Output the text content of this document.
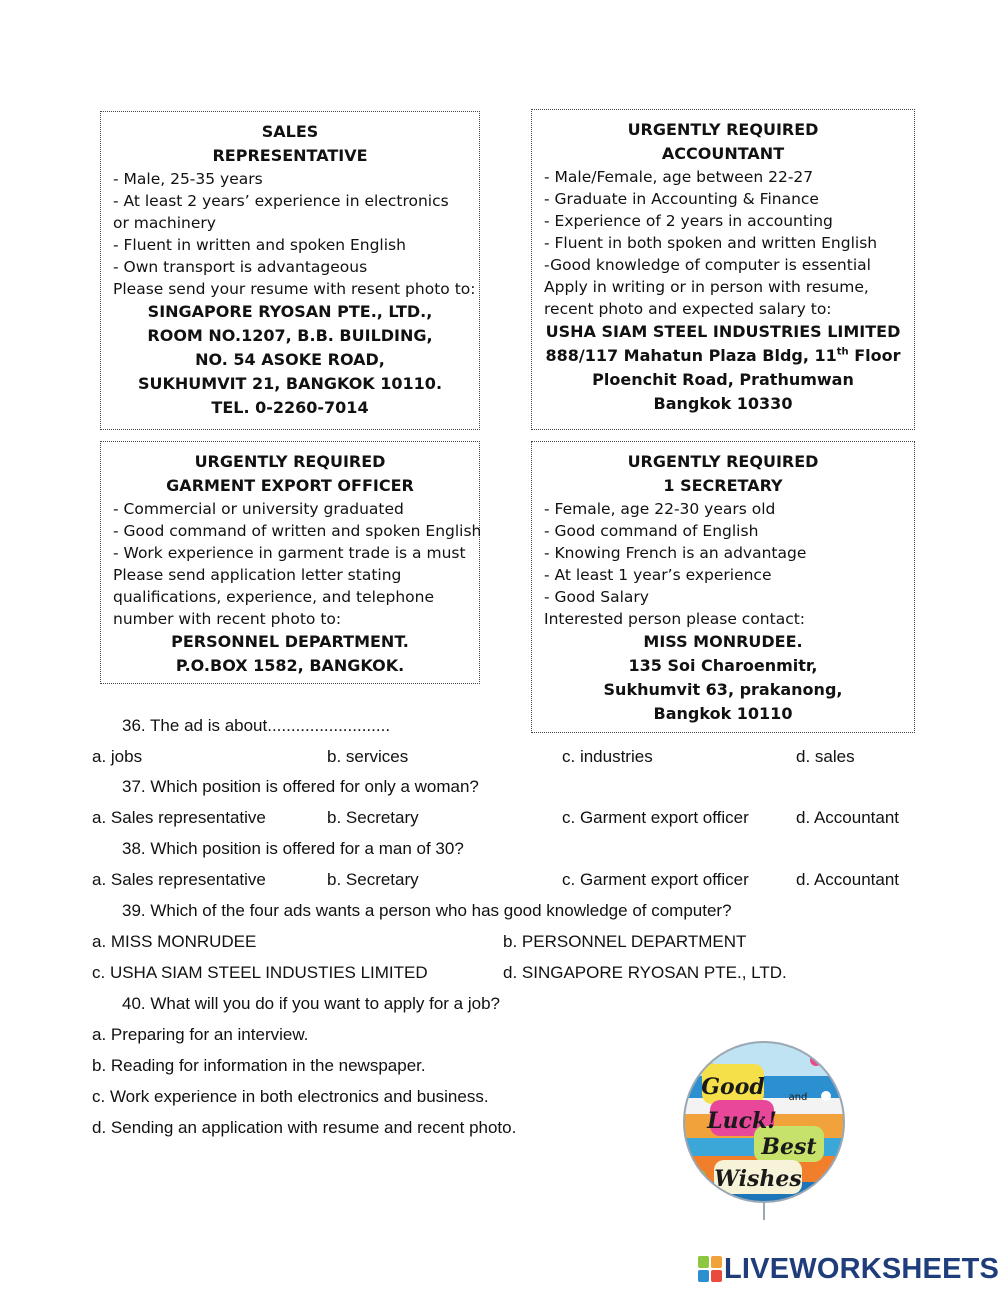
SALES
REPRESENTATIVE
- Male, 25-35 years
- At least 2 years’ experience in electronics or machinery
- Fluent in written and spoken English
- Own transport is advantageous
Please send your resume with resent photo to:
SINGAPORE RYOSAN PTE., LTD.,
ROOM NO.1207, B.B. BUILDING,
NO. 54 ASOKE ROAD,
SUKHUMVIT 21, BANGKOK 10110.
TEL. 0-2260-7014
URGENTLY REQUIRED
ACCOUNTANT
- Male/Female, age between 22-27
- Graduate in Accounting & Finance
- Experience of 2 years in accounting
- Fluent in both spoken and written English
-Good knowledge of computer is essential
Apply in writing or in person with resume, recent photo and expected salary to:
USHA SIAM STEEL INDUSTRIES LIMITED
888/117 Mahatun Plaza Bldg, 11th Floor
Ploenchit Road, Prathumwan
Bangkok 10330
URGENTLY REQUIRED
GARMENT EXPORT OFFICER
- Commercial or university graduated
- Good command of written and spoken English
- Work experience in garment trade is a must
Please send application letter stating qualifications, experience, and telephone number with recent photo to:
PERSONNEL DEPARTMENT.
P.O.BOX 1582, BANGKOK.
URGENTLY REQUIRED
1 SECRETARY
- Female, age 22-30 years old
- Good command of English
- Knowing French is an advantage
- At least 1 year’s experience
- Good Salary
Interested person please contact:
MISS MONRUDEE.
135 Soi Charoenmitr,
Sukhumvit 63, prakanong,
Bangkok 10110
36. The ad is about..........................
a. jobs	b. services	c. industries	d. sales
37. Which position is offered for only a woman?
a. Sales representative	b. Secretary	c. Garment export officer	d. Accountant
38. Which position is offered for a man of 30?
a. Sales representative	b. Secretary	c. Garment export officer	d. Accountant
39. Which of the four ads wants a person who has good knowledge of computer?
a. MISS MONRUDEE	b. PERSONNEL DEPARTMENT
c. USHA SIAM STEEL INDUSTIES LIMITED	d. SINGAPORE RYOSAN PTE., LTD.
40. What will you do if you want to apply for a job?
a. Preparing for an interview.
b. Reading for information in the newspaper.
c. Work experience in both electronics and business.
d. Sending an application with resume and recent photo.
Good
Luck!
and
Best
Wishes
LIVEWORKSHEETS
